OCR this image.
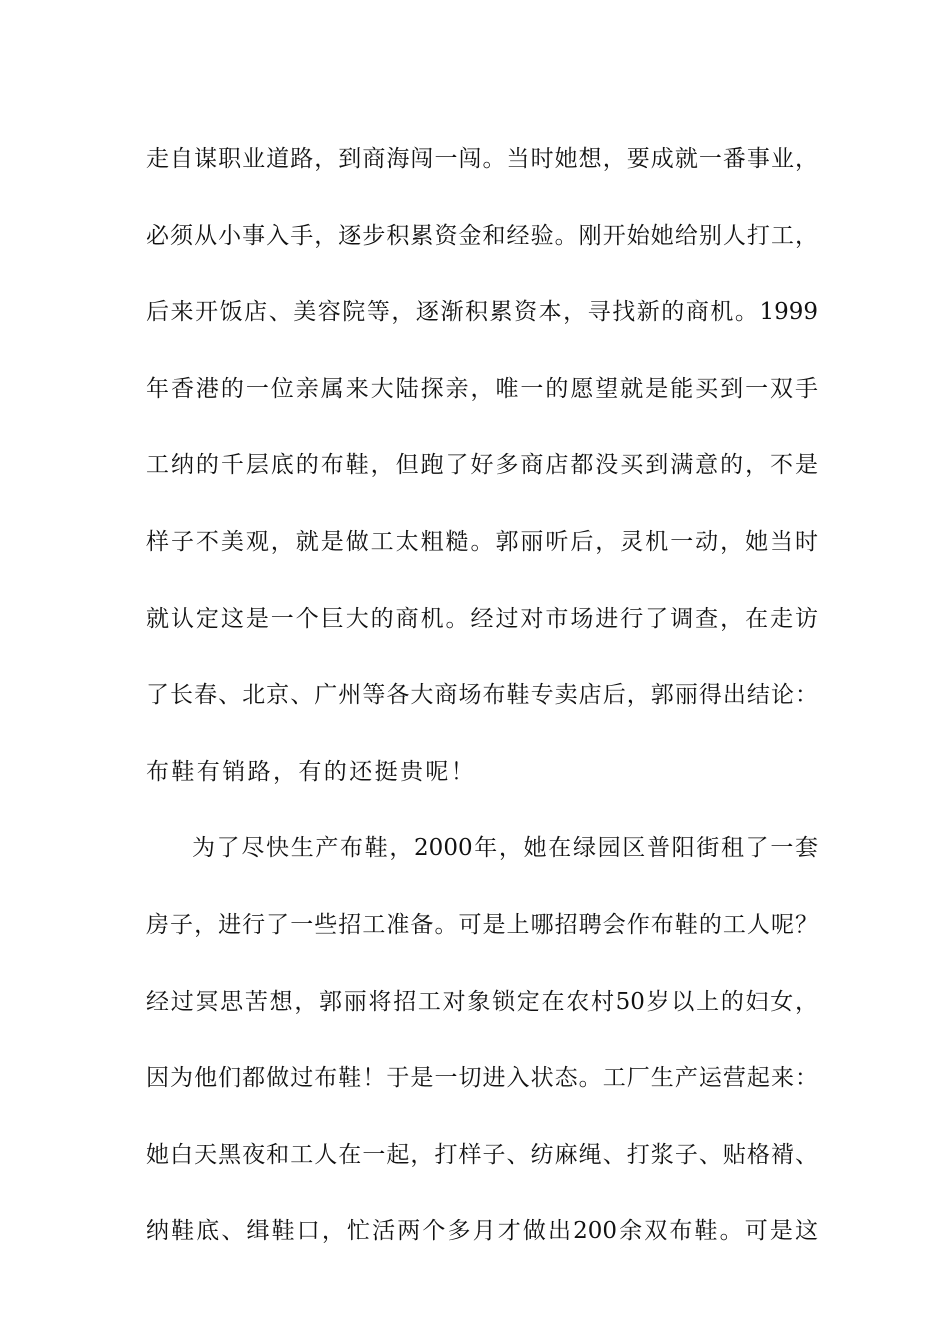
走自谋职业道路，到商海闯一闯。当时她想，要成就一番事业，
必须从小事入手，逐步积累资金和经验。刚开始她给别人打工，
后来开饭店、美容院等，逐渐积累资本，寻找新的商机。1999
年香港的一位亲属来大陆探亲，唯一的愿望就是能买到一双手
工纳的千层底的布鞋，但跑了好多商店都没买到满意的，不是
样子不美观，就是做工太粗糙。郭丽听后，灵机一动，她当时
就认定这是一个巨大的商机。经过对市场进行了调查，在走访
了长春、北京、广州等各大商场布鞋专卖店后，郭丽得出结论：
布鞋有销路，有的还挺贵呢！
为了尽快生产布鞋，2000年，她在绿园区普阳街租了一套
房子，进行了一些招工准备。可是上哪招聘会作布鞋的工人呢？
经过冥思苦想，郭丽将招工对象锁定在农村50岁以上的妇女，
因为他们都做过布鞋！于是一切进入状态。工厂生产运营起来：
她白天黑夜和工人在一起，打样子、纺麻绳、打浆子、贴格褙、
纳鞋底、缉鞋口，忙活两个多月才做出200余双布鞋。可是这
